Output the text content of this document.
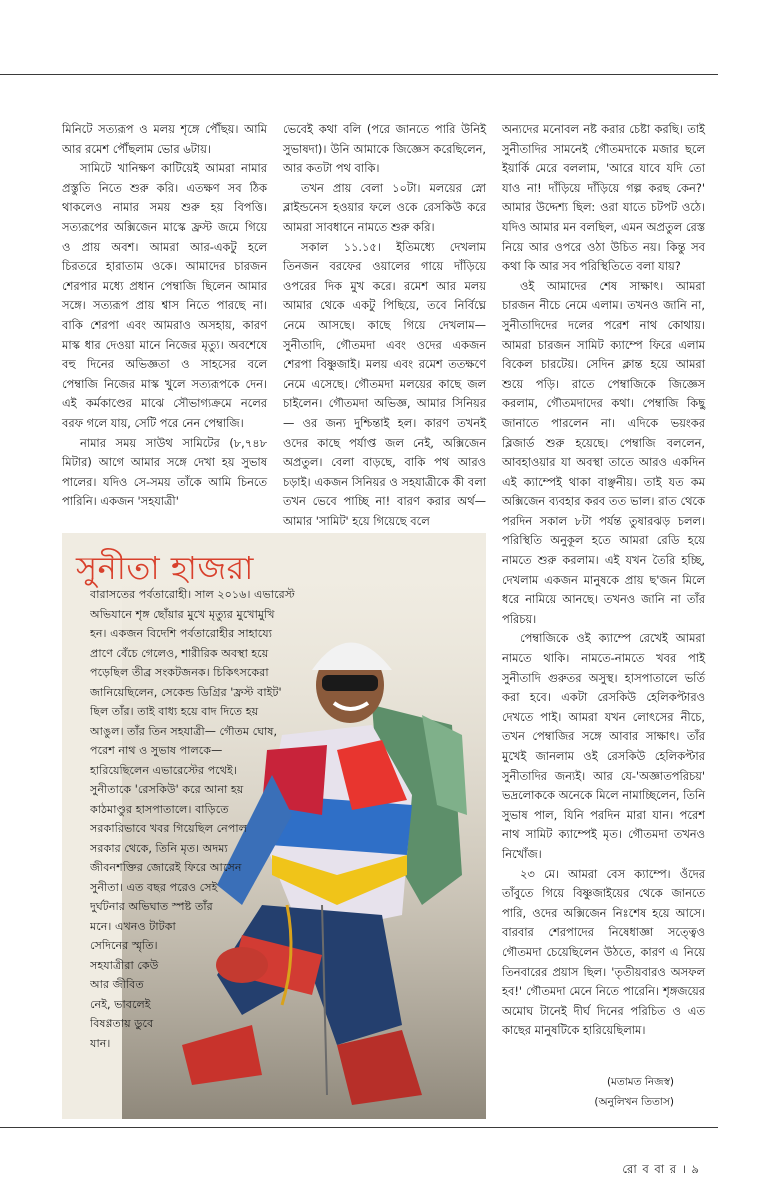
মিনিটে সত্যরূপ ও মলয় শৃঙ্গে পৌঁছয়। আমি আর রমেশ পৌঁছলাম ভোর ৬টায়।

সামিটে খানিক্ষণ কাটিয়েই আমরা নামার প্রস্তুতি নিতে শুরু করি। এতক্ষণ সব ঠিক থাকলেও নামার সময় শুরু হয় বিপত্তি। সত্যরূপের অক্সিজেন মাস্কে ফ্রস্ট জমে গিয়ে ও প্রায় অবশ। আমরা আর-একটু হলে চিরতরে হারাতাম ওকে। আমাদের চারজন শেরপার মধ্যে প্রধান পেম্বাজি ছিলেন আমার সঙ্গে। সত্যরূপ প্রায় শ্বাস নিতে পারছে না। বাকি শেরপা এবং আমরাও অসহায়, কারণ মাস্ক ধার দেওয়া মানে নিজের মৃত্যু। অবশেষে বহু দিনের অভিজ্ঞতা ও সাহসের বলে পেম্বাজি নিজের মাস্ক খুলে সত্যরূপকে দেন। এই কর্মকাণ্ডের মাঝে সৌভাগ্যক্রমে নলের বরফ গলে যায়, সেটি পরে নেন পেম্বাজি।

নামার সময় সাউথ সামিটের (৮,৭৪৮ মিটার) আগে আমার সঙ্গে দেখা হয় সুভাষ পালের। যদিও সে-সময় তাঁকে আমি চিনতে পারিনি। একজন 'সহযাত্রী'

ভেবেই কথা বলি (পরে জানতে পারি উনিই সুভাষদা)। উনি আমাকে জিজ্ঞেস করেছিলেন, আর কতটা পথ বাকি।

তখন প্রায় বেলা ১০টা। মলয়ের স্নো ব্লাইন্ডনেস হওয়ার ফলে ওকে রেসকিউ করে আমরা সাবধানে নামতে শুরু করি।

সকাল ১১.১৫। ইতিমধ্যে দেখলাম তিনজন বরফের ওয়ালের গায়ে দাঁড়িয়ে ওপরের দিক মুখ করে। রমেশ আর মলয় আমার থেকে একটু পিছিয়ে, তবে নির্বিঘ্নে নেমে আসছে। কাছে গিয়ে দেখলাম— সুনীতাদি, গৌতমদা এবং ওদের একজন শেরপা বিষ্ণুজাই। মলয় এবং রমেশ ততক্ষণে নেমে এসেছে। গৌতমদা মলয়ের কাছে জল চাইলেন। গৌতমদা অভিজ্ঞ, আমার সিনিয়র— ওর জন্য দুশ্চিন্তাই হল। কারণ তখনই ওদের কাছে পর্যাপ্ত জল নেই, অক্সিজেন অপ্রতুল। বেলা বাড়ছে, বাকি পথ আরও চড়াই। একজন সিনিয়র ও সহযাত্রীকে কী বলা তখন ভেবে পাচ্ছি না! বারণ করার অর্থ— আমার 'সামিট' হয়ে গিয়েছে বলে

অন্যদের মনোবল নষ্ট করার চেষ্টা করছি। তাই সুনীতাদির সামনেই গৌতমদাকে মজার ছলে ইয়ার্কি মেরে বললাম, 'আরে যাবে যদি তো যাও না! দাঁড়িয়ে দাঁড়িয়ে গল্প করছ কেন?' আমার উদ্দেশ্য ছিল: ওরা যাতে চটপট ওঠে। যদিও আমার মন বলছিল, এমন অপ্রতুল রেস্ত নিয়ে আর ওপরে ওঠা উচিত নয়। কিন্তু সব কথা কি আর সব পরিস্থিতিতে বলা যায়?

ওই আমাদের শেষ সাক্ষাৎ। আমরা চারজন নীচে নেমে এলাম। তখনও জানি না, সুনীতাদিদের দলের পরেশ নাথ কোথায়। আমরা চারজন সামিট ক্যাম্পে ফিরে এলাম বিকেল চারটেয়। সেদিন ক্লান্ত হয়ে আমরা শুয়ে পড়ি। রাতে পেম্বাজিকে জিজ্ঞেস করলাম, গৌতমদাদের কথা। পেম্বাজি কিছু জানাতে পারলেন না। এদিকে ভয়ংকর ব্লিজার্ড শুরু হয়েছে। পেম্বাজি বললেন, আবহাওয়ার যা অবস্থা তাতে আরও একদিন এই ক্যাম্পেই থাকা বাঞ্ছনীয়। তাই যত কম অক্সিজেন ব্যবহার করব তত ভাল। রাত থেকে পরদিন সকাল ৮টা পর্যন্ত তুষারঝড় চলল। পরিস্থিতি অনুকূল হতে আমরা রেডি হয়ে নামতে শুরু করলাম। এই যখন তৈরি হচ্ছি, দেখলাম একজন মানুষকে প্রায় ছ'জন মিলে ধরে নামিয়ে আনছে। তখনও জানি না তাঁর পরিচয়।

পেম্বাজিকে ওই ক্যাম্পে রেখেই আমরা নামতে থাকি। নামতে-নামতে খবর পাই সুনীতাদি গুরুতর অসুস্থ। হাসপাতালে ভর্তি করা হবে। একটা রেসকিউ হেলিকপ্টারও দেখতে পাই। আমরা যখন লোৎসের নীচে, তখন পেম্বাজির সঙ্গে আবার সাক্ষাৎ। তাঁর মুখেই জানলাম ওই রেসকিউ হেলিকপ্টার সুনীতাদির জন্যই। আর যে-'অজ্ঞাতপরিচয়' ভদ্রলোককে অনেকে মিলে নামাচ্ছিলেন, তিনি সুভাষ পাল, যিনি পরদিন মারা যান। পরেশ নাথ সামিট ক্যাম্পেই মৃত। গৌতমদা তখনও নিখোঁজ।

২৩ মে। আমরা বেস ক্যাম্পে। ওঁদের তাঁবুতে গিয়ে বিষ্ণুজাইয়ের থেকে জানতে পারি, ওদের অক্সিজেন নিঃশেষ হয়ে আসে। বারবার শেরপাদের নিষেধাজ্ঞা সত্ত্বেও গৌতমদা চেয়েছিলেন উঠতে, কারণ এ নিয়ে তিনবারের প্রয়াস ছিল। 'তৃতীয়বারও অসফল হব!' গৌতমদা মেনে নিতে পারেনি। শৃঙ্গজয়ের অমোঘ টানেই দীর্ঘ দিনের পরিচিত ও এত কাছের মানুষটিকে হারিয়েছিলাম।

সুনীতা হাজরা
বারাসতের পর্বতারোহী। সাল ২০১৬। এভারেস্ট
অভিযানে শৃঙ্গ ছোঁয়ার মুখে মৃত্যুর মুখোমুখি
হন। একজন বিদেশি পর্বতারোহীর সাহায্যে
প্রাণে বেঁচে গেলেও, শারীরিক অবস্থা হয়ে
পড়েছিল তীব্র সংকটজনক। চিকিৎসকেরা
জানিয়েছিলেন, সেকেন্ড ডিগ্রির 'ফ্রস্ট বাইট'
ছিল তাঁর। তাই বাধ্য হয়ে বাদ দিতে হয়
আঙুল। তাঁর তিন সহযাত্রী— গৌতম ঘোষ,
পরেশ নাথ ও সুভাষ পালকে—
হারিয়েছিলেন এভারেস্টের পথেই।
সুনীতাকে 'রেসকিউ' করে আনা হয়
কাঠমাণ্ডুর হাসপাতালে। বাড়িতে
সরকারিভাবে খবর গিয়েছিল নেপাল
সরকার থেকে, তিনি মৃত। অদম্য
জীবনশক্তির জোরেই ফিরে আসেন
সুনীতা। এত বছর পরেও সেই
দুর্ঘটনার অভিঘাত স্পষ্ট তাঁর
মনে। এখনও টাটকা
সেদিনের স্মৃতি।
সহযাত্রীরা কেউ
আর জীবিত
নেই, ভাবলেই
বিষণ্ণতায় ডুবে
যান।
(মতামত নিজস্ব)
(অনুলিখন তিতাস)
রো ব বা র । ৯
